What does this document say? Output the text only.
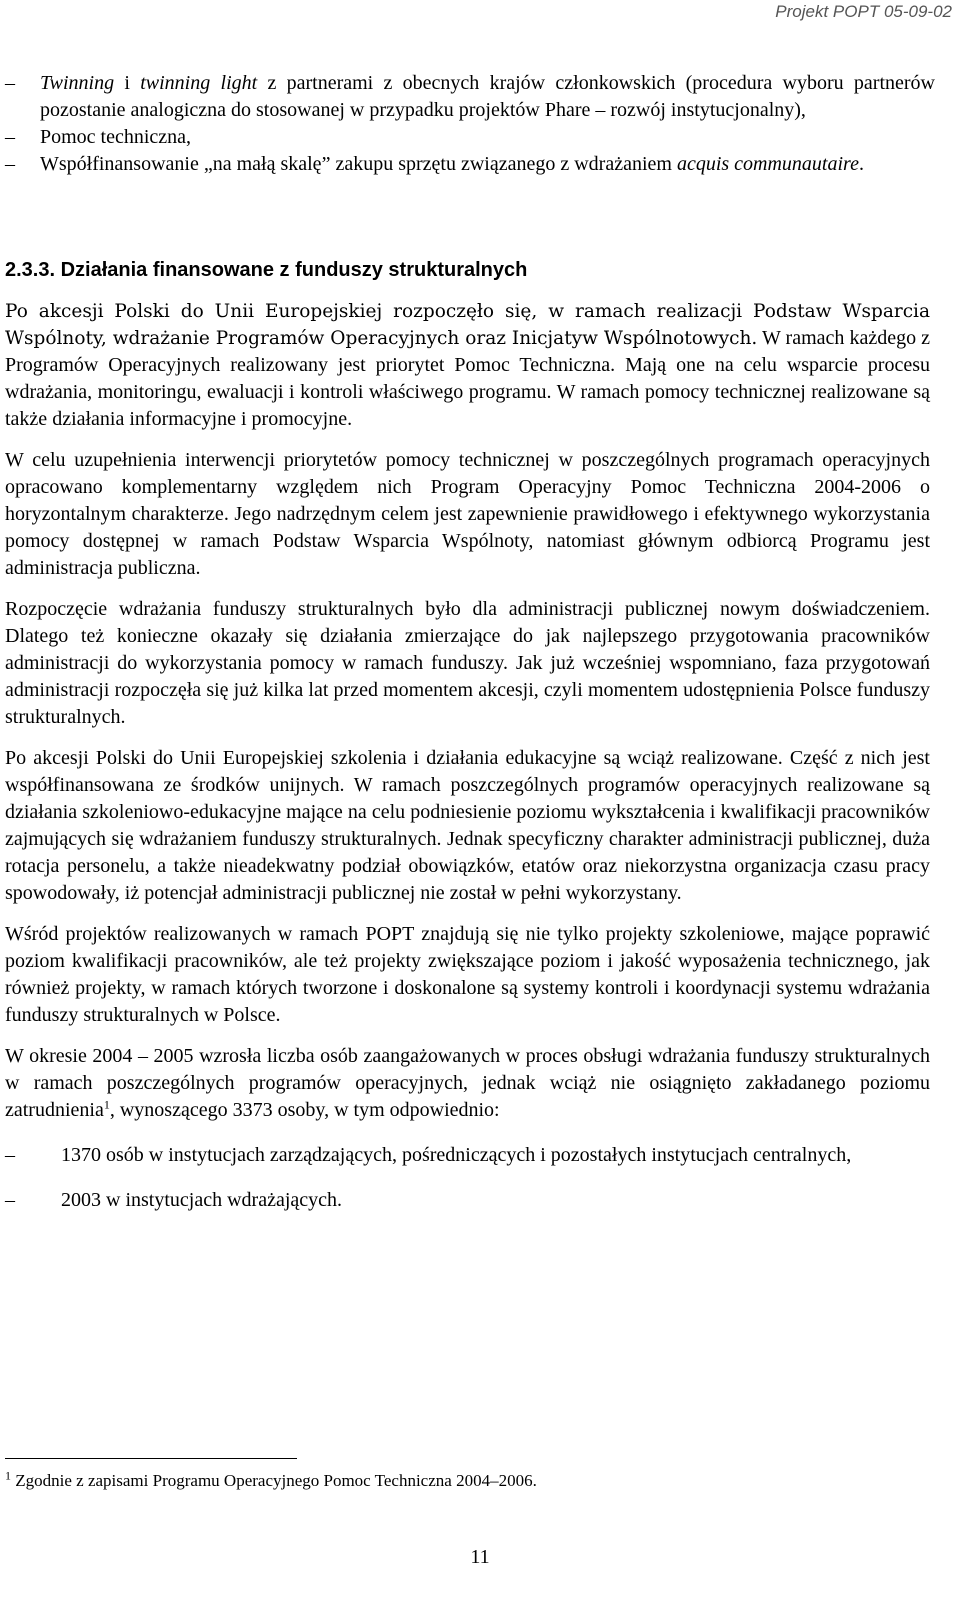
Projekt POPT 05-09-02
–	Twinning i twinning light z partnerami z obecnych krajów członkowskich (procedura wyboru partnerów pozostanie analogiczna do stosowanej w przypadku projektów Phare – rozwój instytucjonalny),
–	Pomoc techniczna,
–	Współfinansowanie „na małą skalę” zakupu sprzętu związanego z wdrażaniem acquis communautaire.
2.3.3. Działania finansowane z funduszy strukturalnych

Po akcesji Polski do Unii Europejskiej rozpoczęło się, w ramach realizacji Podstaw Wsparcia Wspólnoty, wdrażanie Programów Operacyjnych oraz Inicjatyw Wspólnotowych. W ramach każdego z Programów Operacyjnych realizowany jest priorytet Pomoc Techniczna. Mają one na celu wsparcie procesu wdrażania, monitoringu, ewaluacji i kontroli właściwego programu. W ramach pomocy technicznej realizowane są także działania informacyjne i promocyjne.

W celu uzupełnienia interwencji priorytetów pomocy technicznej w poszczególnych programach operacyjnych opracowano komplementarny względem nich Program Operacyjny Pomoc Techniczna 2004-2006 o horyzontalnym charakterze. Jego nadrzędnym celem jest zapewnienie prawidłowego i efektywnego wykorzystania pomocy dostępnej w ramach Podstaw Wsparcia Wspólnoty, natomiast głównym odbiorcą Programu jest administracja publiczna.

Rozpoczęcie wdrażania funduszy strukturalnych było dla administracji publicznej nowym doświadczeniem. Dlatego też konieczne okazały się działania zmierzające do jak najlepszego przygotowania pracowników administracji do wykorzystania pomocy w ramach funduszy. Jak już wcześniej wspomniano, faza przygotowań administracji rozpoczęła się już kilka lat przed momentem akcesji, czyli momentem udostępnienia Polsce funduszy strukturalnych.

Po akcesji Polski do Unii Europejskiej szkolenia i działania edukacyjne są wciąż realizowane. Część z nich jest współfinansowana ze środków unijnych. W ramach poszczególnych programów operacyjnych realizowane są działania szkoleniowo-edukacyjne mające na celu podniesienie poziomu wykształcenia i kwalifikacji pracowników zajmujących się wdrażaniem funduszy strukturalnych. Jednak specyficzny charakter administracji publicznej, duża rotacja personelu, a także nieadekwatny podział obowiązków, etatów oraz niekorzystna organizacja czasu pracy spowodowały, iż potencjał administracji publicznej nie został w pełni wykorzystany.

Wśród projektów realizowanych w ramach POPT znajdują się nie tylko projekty szkoleniowe, mające poprawić poziom kwalifikacji pracowników, ale też projekty zwiększające poziom i jakość wyposażenia technicznego, jak również projekty, w ramach których tworzone i doskonalone są systemy kontroli i koordynacji systemu wdrażania funduszy strukturalnych w Polsce.

W okresie 2004 – 2005 wzrosła liczba osób zaangażowanych w proces obsługi wdrażania funduszy strukturalnych w ramach poszczególnych programów operacyjnych, jednak wciąż nie osiągnięto zakładanego poziomu zatrudnienia$^1$, wynoszącego 3373 osoby, w tym odpowiednio:

–	1370 osób w instytucjach zarządzających, pośredniczących i pozostałych instytucjach centralnych,
–	2003 w instytucjach wdrażających.
$^1$ Zgodnie z zapisami Programu Operacyjnego Pomoc Techniczna 2004–2006.
11
